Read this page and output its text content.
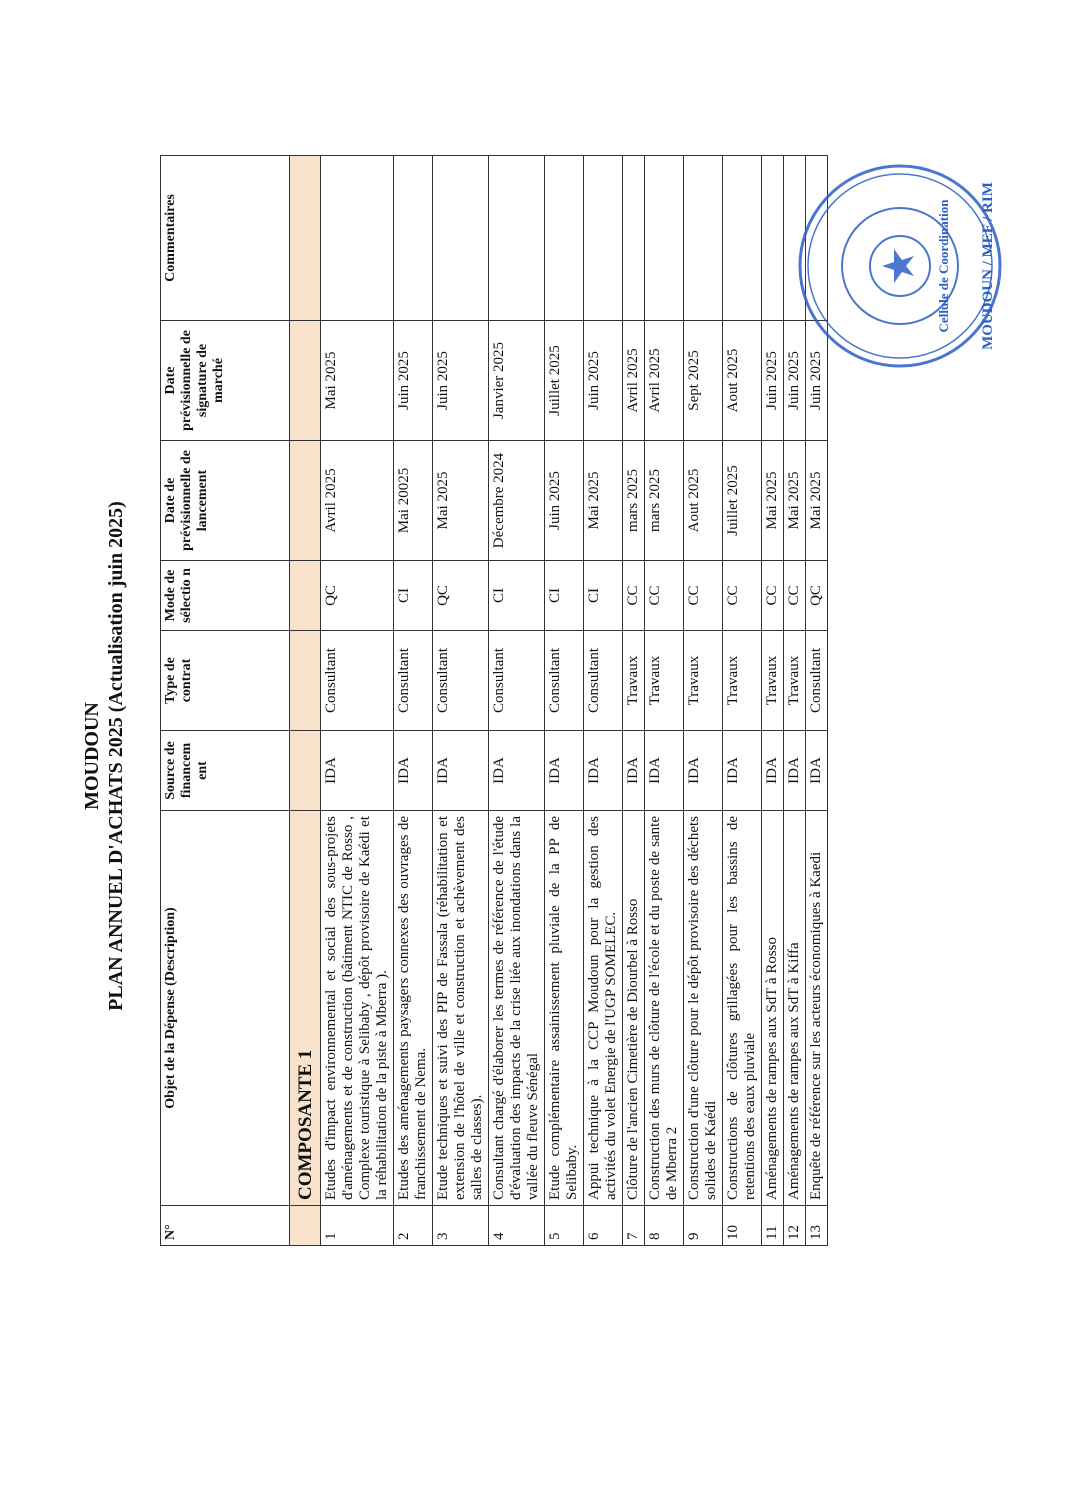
MOUDOUN PLAN ANNUEL D'ACHATS 2025 (Actualisation juin 2025)
N°	Objet de la Dépense (Description)	Source de financem ent	Type de contrat	Mode de sélectio n	Date de prévisionnelle de lancement	Date prévisionnelle de signature de marché	Commentaires
	COMPOSANTE 1						
1	Etudes d'impact environnemental et social des sous-projets d'aménagements et de construction (bâtiment NTIC de Rosso , Complexe touristique à Selibaby , dépôt provisoire de Kaédi et la réhabilitation de la piste à Mberra ).	IDA	Consultant	QC	Avril 2025	Mai 2025	
2	Etudes des aménagements paysagers connexes des ouvrages de franchissement de Nema.	IDA	Consultant	CI	Mai 20025	Juin 2025	
3	Etude techniques et suivi des PIP de Fassala (réhabilitation et extension de l'hôtel de ville et construction et achèvement des salles de classes).	IDA	Consultant	QC	Mai 2025	Juin 2025	
4	Consultant chargé d'élaborer les termes de référence de l'étude d'évaluation des impacts de la crise liée aux inondations dans la vallée du fleuve Sénégal	IDA	Consultant	CI	Décembre 2024	Janvier 2025	
5	Etude complémentaire assainissement pluviale de la PP de Selibaby.	IDA	Consultant	CI	Juin 2025	Juillet 2025	
6	Appui technique à la CCP Moudoun pour la gestion des activités du volet Energie de l'UGP SOMELEC.	IDA	Consultant	CI	Mai 2025	Juin 2025	
7	Clôture de l'ancien Cimetière de Diourbel à Rosso	IDA	Travaux	CC	mars 2025	Avril 2025	
8	Construction des murs de clôture de l'école et du poste de sante de Mberra 2	IDA	Travaux	CC	mars 2025	Avril 2025	
9	Construction d'une clôture pour le dépôt provisoire des déchets solides de Kaédi	IDA	Travaux	CC	Aout 2025	Sept 2025	
10	Constructions de clôtures grillagées pour les bassins de retentions des eaux pluviale	IDA	Travaux	CC	Juillet 2025	Aout 2025	
11	Aménagements de rampes aux SdT à Rosso	IDA	Travaux	CC	Mai 2025	Juin 2025	
12	Aménagements de rampes aux SdT à Kiffa	IDA	Travaux	CC	Mai 2025	Juin 2025	
13	Enquête de référence sur les acteurs économiques à Kaedi	IDA	Consultant	QC	Mai 2025	Juin 2025	
Cellule de Coordination MOUDOUN / MEF / RIM
